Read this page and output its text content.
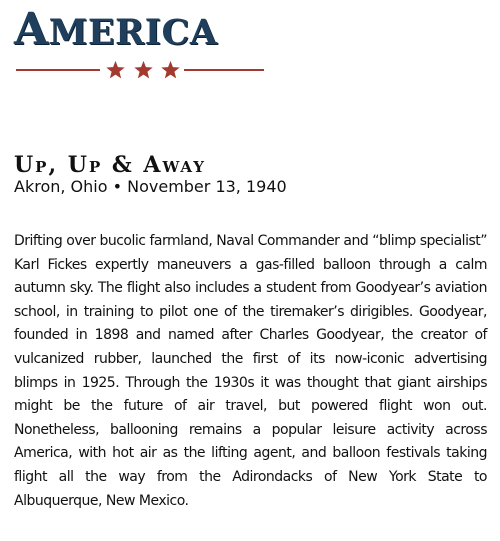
AMERICA
Up, Up & Away
Akron, Ohio • November 13, 1940

Drifting over bucolic farmland, Naval Commander and “blimp specialist” Karl Fickes expertly maneuvers a gas-filled balloon through a calm autumn sky. The flight also includes a student from Goodyear’s aviation school, in training to pilot one of the tiremaker’s dirigibles. Goodyear, founded in 1898 and named after Charles Goodyear, the creator of vulcanized rubber, launched the first of its now-iconic advertising blimps in 1925. Through the 1930s it was thought that giant airships might be the future of air travel, but powered flight won out. Nonetheless, ballooning remains a popular leisure activity across America, with hot air as the lifting agent, and balloon festivals taking flight all the way from the Adirondacks of New York State to Albuquerque, New Mexico.
